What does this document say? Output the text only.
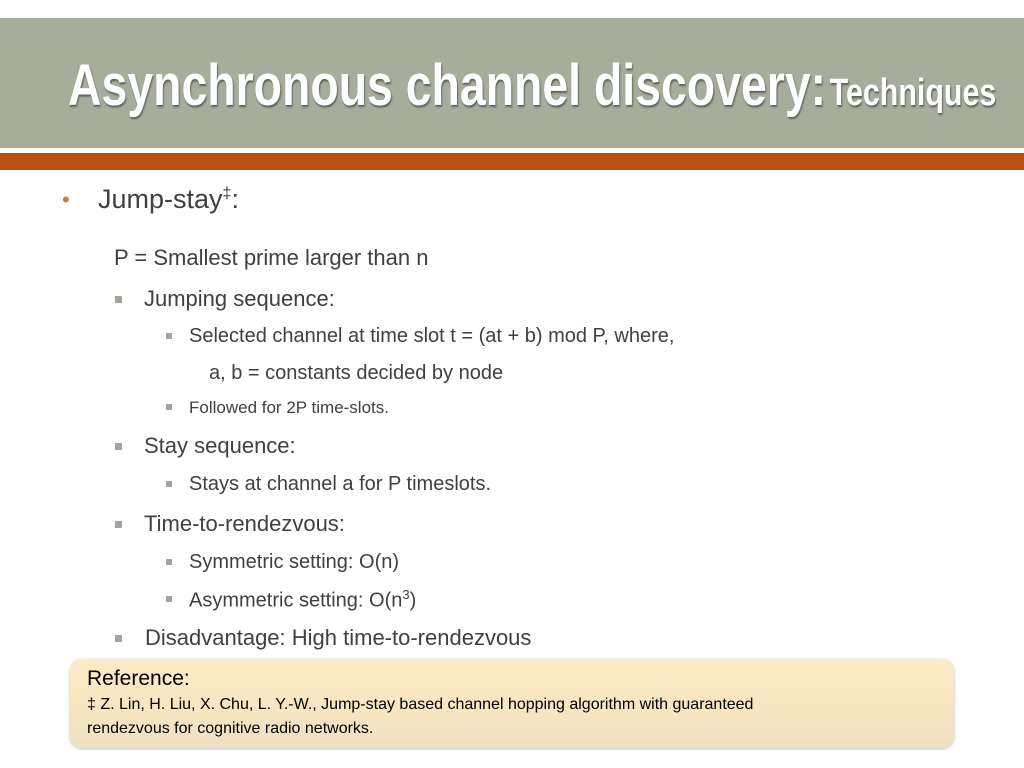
Asynchronous channel discovery: Techniques
• Jump-stay‡:
P = Smallest prime larger than n
Jumping sequence:
Selected channel at time slot t = (at + b) mod P, where,
a, b = constants decided by node
Followed for 2P time-slots.
Stay sequence:
Stays at channel a for P timeslots.
Time-to-rendezvous:
Symmetric setting: O(n)
Asymmetric setting: $O(n^3)$
Disadvantage: High time-to-rendezvous
Reference:
‡ Z. Lin, H. Liu, X. Chu, L. Y.-W., Jump-stay based channel hopping algorithm with guaranteed
rendezvous for cognitive radio networks.
